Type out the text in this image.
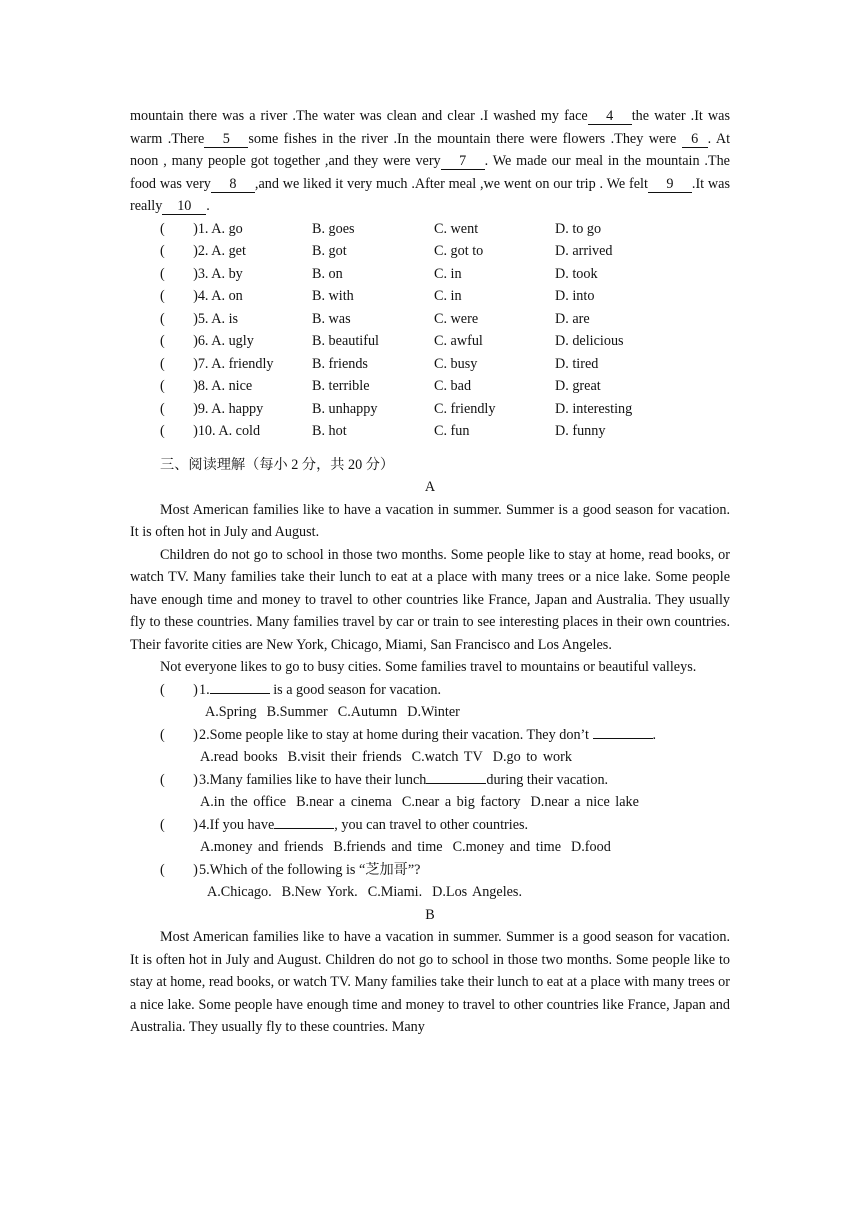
mountain there was a river .The water was clean and clear .I washed my face 4 the water .It was warm .There 5 some fishes in the river .In the mountain there were flowers .They were 6 . At noon , many people got together ,and they were very 7 . We made our meal in the mountain .The food was very 8 ,and we liked it very much .After meal ,we went on our trip . We felt 9 .It was really 10 .

(　　)1. A. go	B. goes	C. went	D. to go
(　　)2. A. get	B. got	C. got to	D. arrived
(　　)3. A. by	B. on	C. in	D. took
(　　)4. A. on	B. with	C. in	D. into
(　　)5. A. is	B. was	C. were	D. are
(　　)6. A. ugly	B. beautiful	C. awful	D. delicious
(　　)7. A. friendly	B. friends	C. busy	D. tired
(　　)8. A. nice	B. terrible	C. bad	D. great
(　　)9. A. happy	B. unhappy	C. friendly	D. interesting
(　　)10. A. cold	B. hot	C. fun	D. funny

三、阅读理解（每小 2 分，共 20 分）

A

Most American families like to have a vacation in summer. Summer is a good season for vacation. It is often hot in July and August.

Children do not go to school in those two months. Some people like to stay at home, read books, or watch TV. Many families take their lunch to eat at a place with many trees or a nice lake. Some people have enough time and money to travel to other countries like France, Japan and Australia. They usually fly to these countries. Many families travel by car or train to see interesting places in their own countries. Their favorite cities are New York, Chicago, Miami, San Francisco and Los Angeles.

Not everyone likes to go to busy cities. Some families travel to mountains or beautiful valleys.

(　　)1.	is a good season for vacation.
A.Spring B.Summer C.Autumn D.Winter
(　　)2.Some people like to stay at home during their vacation. They don’t	.
A.read books B.visit their friends C.watch TV D.go to work
(　　)3.Many families like to have their lunch	during their vacation.
A.in the office B.near a cinema C.near a big factory D.near a nice lake
(　　)4.If you have	, you can travel to other countries.
A.money and friends B.friends and time C.money and time D.food
(　　)5.Which of the following is “芝加哥”?
A.Chicago. B.New York. C.Miami. D.Los Angeles.

B

Most American families like to have a vacation in summer. Summer is a good season for vacation. It is often hot in July and August. Children do not go to school in those two months. Some people like to stay at home, read books, or watch TV. Many families take their lunch to eat at a place with many trees or a nice lake. Some people have enough time and money to travel to other countries like France, Japan and Australia. They usually fly to these countries. Many
